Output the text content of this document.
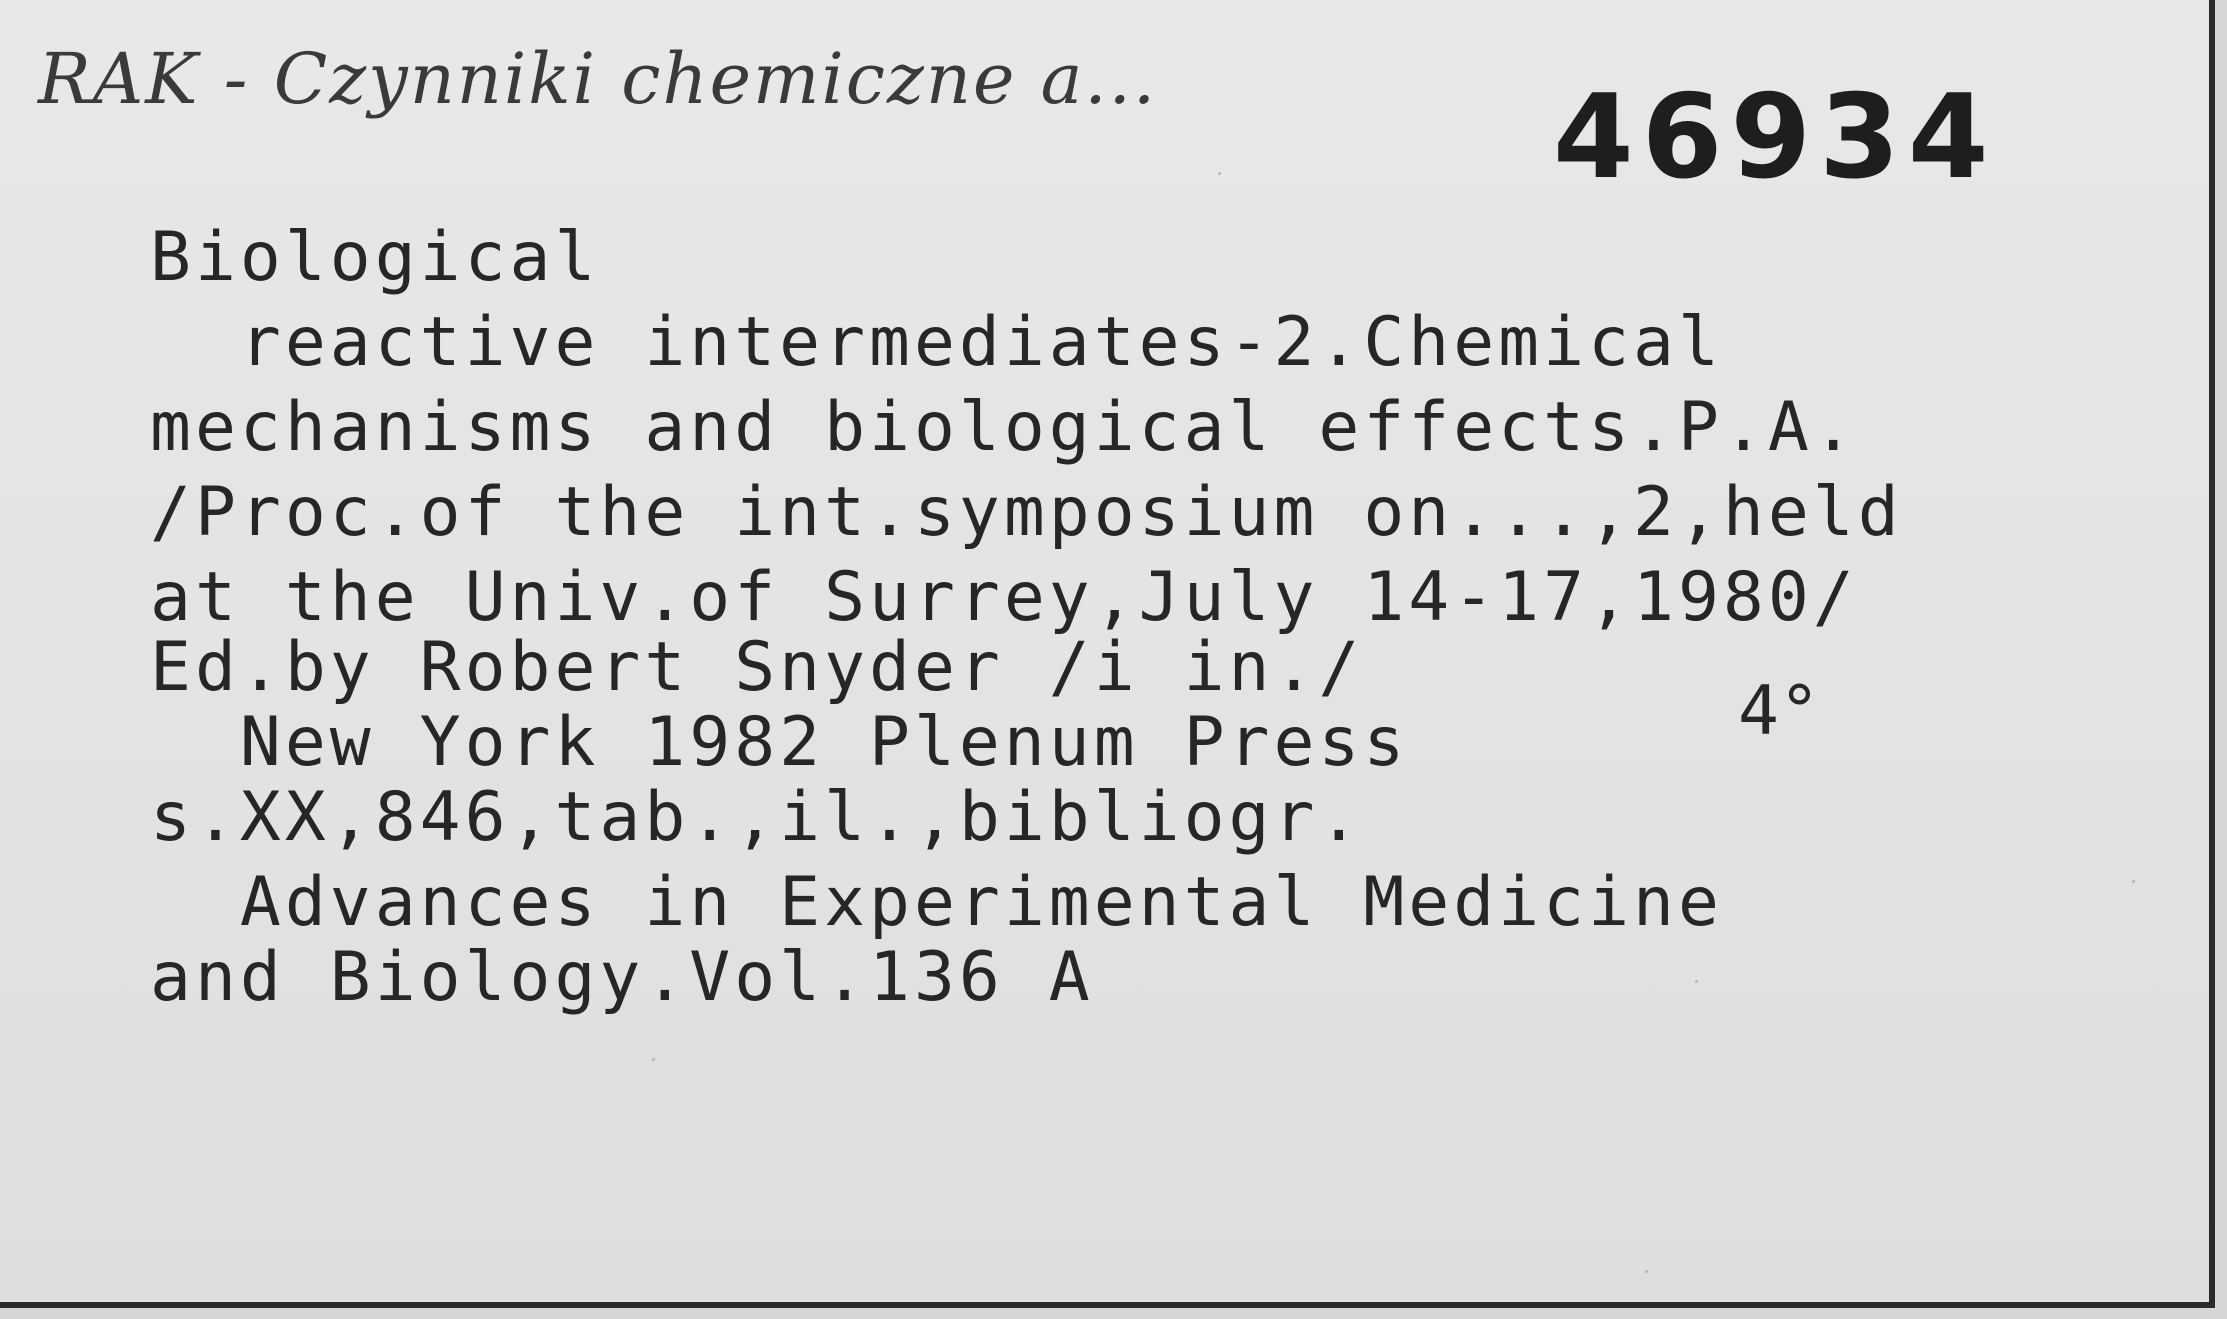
RAK - Czynniki chemiczne a...	46934
Biological
reactive intermediates-2.Chemical
mechanisms and biological effects.P.A.
/Proc.of the int.symposium on...,2,held
at the Univ.of Surrey,July 14-17,1980/
Ed.by Robert Snyder /i in./
New York 1982 Plenum Press
s.XX,846,tab.,il.,bibliogr.
Advances in Experimental Medicine
and Biology.Vol.136 A
4°
